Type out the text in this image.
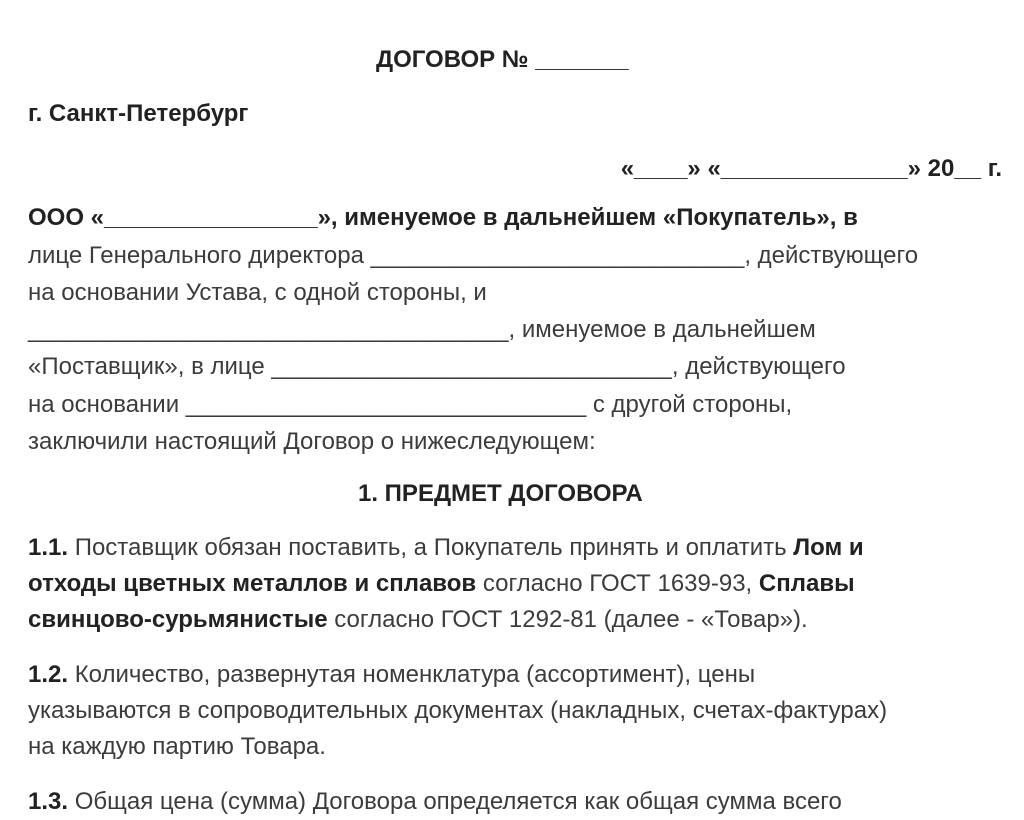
ДОГОВОР № _______
г. Санкт-Петербург
«____» «______________» 20__ г.
ООО «________________», именуемое в дальнейшем «Покупатель», в
лице Генерального директора ____________________________, действующего
на основании Устава, с одной стороны, и
____________________________________, именуемое в дальнейшем
«Поставщик», в лице ______________________________, действующего
на основании ______________________________ с другой стороны,
заключили настоящий Договор о нижеследующем:
1. ПРЕДМЕТ ДОГОВОРА
1.1. Поставщик обязан поставить, а Покупатель принять и оплатить Лом и
отходы цветных металлов и сплавов согласно ГОСТ 1639-93, Сплавы
свинцово-сурьмянистые согласно ГОСТ 1292-81 (далее - «Товар»).
1.2. Количество, развернутая номенклатура (ассортимент), цены
указываются в сопроводительных документах (накладных, счетах-фактурах)
на каждую партию Товара.
1.3. Общая цена (сумма) Договора определяется как общая сумма всего
